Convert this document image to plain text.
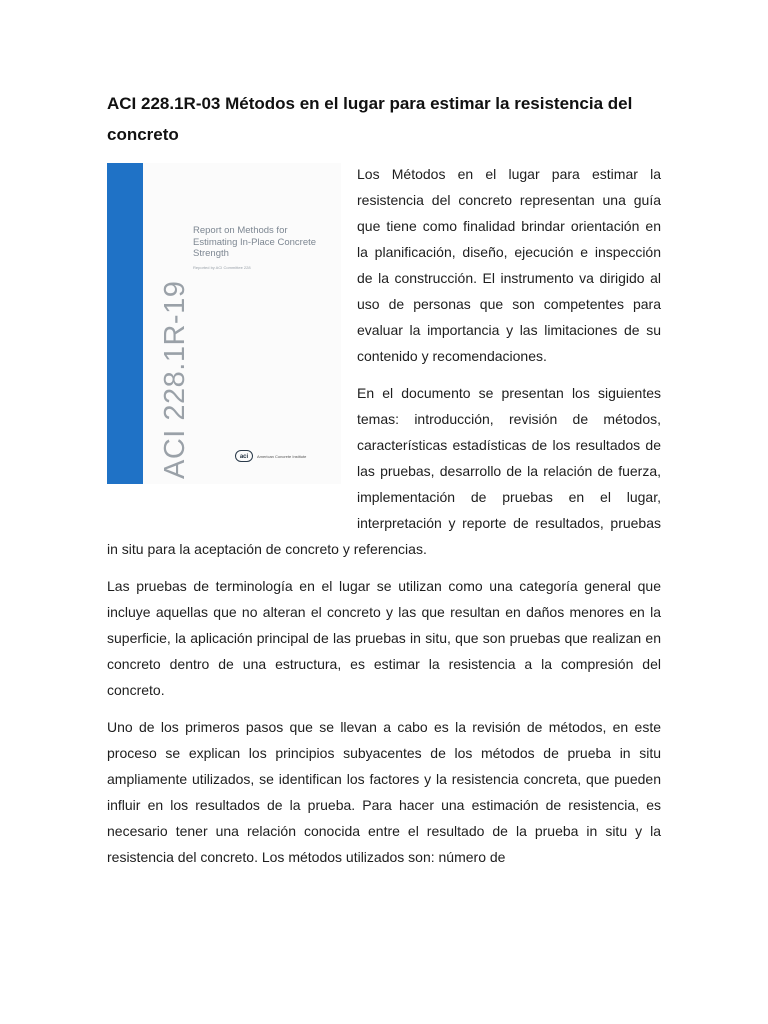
ACI 228.1R-03 Métodos en el lugar para estimar la resistencia del concreto
Report on Methods for Estimating In-Place Concrete Strength
Reported by ACI Committee 228
ACI 228.1R-19	aci	American Concrete Institute

Los Métodos en el lugar para estimar la resistencia del concreto representan una guía que tiene como finalidad brindar orientación en la planificación, diseño, ejecución e inspección de la construcción. El instrumento va dirigido al uso de personas que son competentes para evaluar la importancia y las limitaciones de su contenido y recomendaciones.

En el documento se presentan los siguientes temas: introducción, revisión de métodos, características estadísticas de los resultados de las pruebas, desarrollo de la relación de fuerza, implementación de pruebas en el lugar, interpretación y reporte de resultados, pruebas in situ para la aceptación de concreto y referencias.

Las pruebas de terminología en el lugar se utilizan como una categoría general que incluye aquellas que no alteran el concreto y las que resultan en daños menores en la superficie, la aplicación principal de las pruebas in situ, que son pruebas que realizan en concreto dentro de una estructura, es estimar la resistencia a la compresión del concreto.

Uno de los primeros pasos que se llevan a cabo es la revisión de métodos, en este proceso se explican los principios subyacentes de los métodos de prueba in situ ampliamente utilizados, se identifican los factores y la resistencia concreta, que pueden influir en los resultados de la prueba. Para hacer una estimación de resistencia, es necesario tener una relación conocida entre el resultado de la prueba in situ y la resistencia del concreto. Los métodos utilizados son: número de
